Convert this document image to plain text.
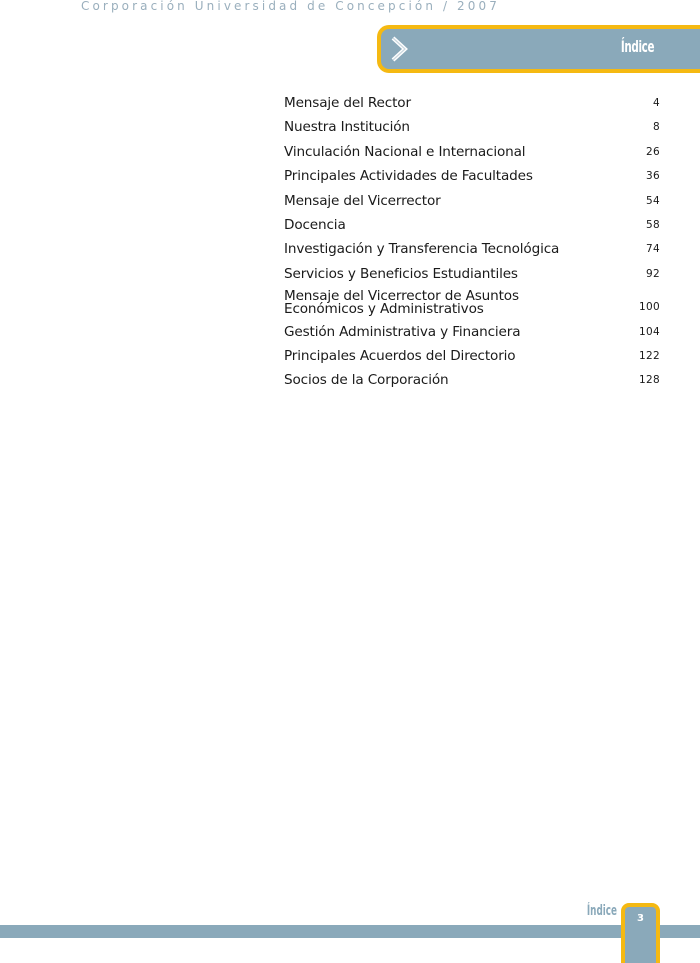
Corporación Universidad de Concepción / 2007
Índice
Mensaje del Rector	4
Nuestra Institución	8
Vinculación Nacional e Internacional	26
Principales Actividades de Facultades	36
Mensaje del Vicerrector	54
Docencia	58
Investigación y Transferencia Tecnológica	74
Servicios y Beneficios Estudiantiles	92
Mensaje del Vicerrector de Asuntos
Económicos y Administrativos	100
Gestión Administrativa y Financiera	104
Principales Acuerdos del Directorio	122
Socios de la Corporación	128
Índice	3
